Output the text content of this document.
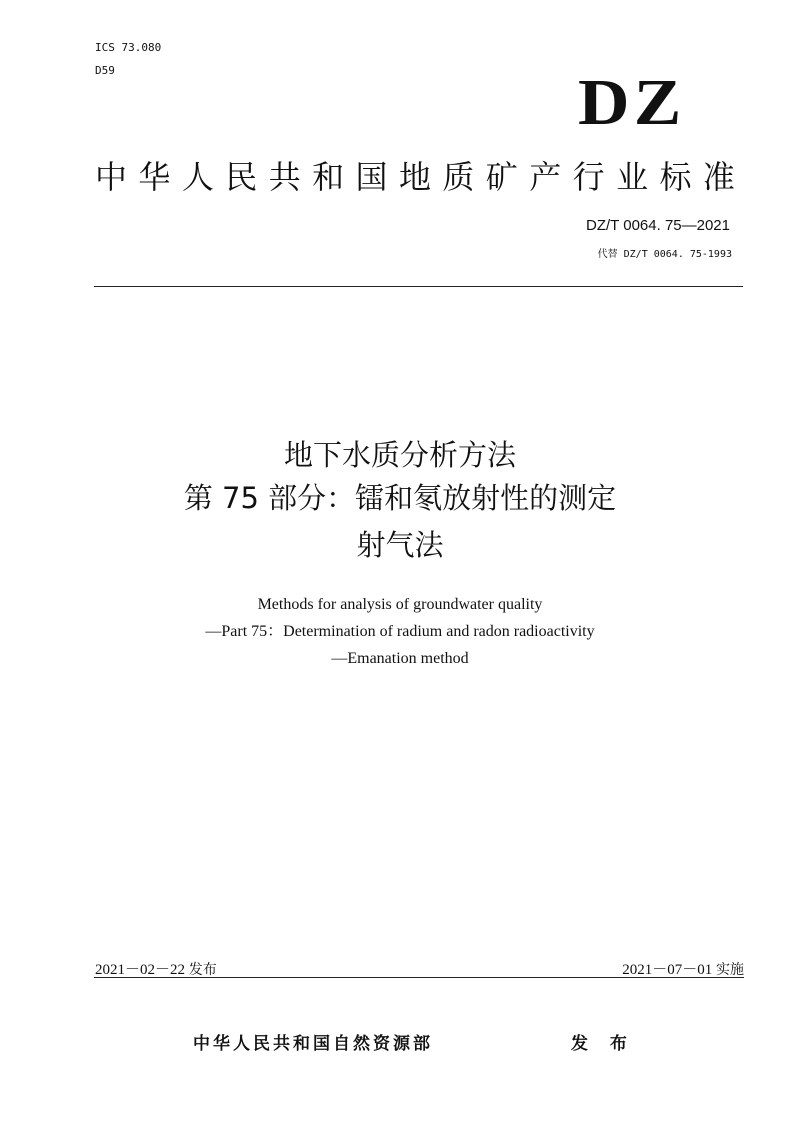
ICS 73.080
D59	DZ
中 华 人 民 共 和 国 地 质 矿 产 行 业 标 准
DZ/T 0064. 75—2021
代替 DZ/T 0064. 75-1993
地下水质分析方法
第 75 部分：镭和氡放射性的测定
射气法
Methods for analysis of groundwater quality
—Part 75：Determination of radium and radon radioactivity
—Emanation method
2021－02－22 发布	2021－07－01 实施
中华人民共和国自然资源部	发 布
